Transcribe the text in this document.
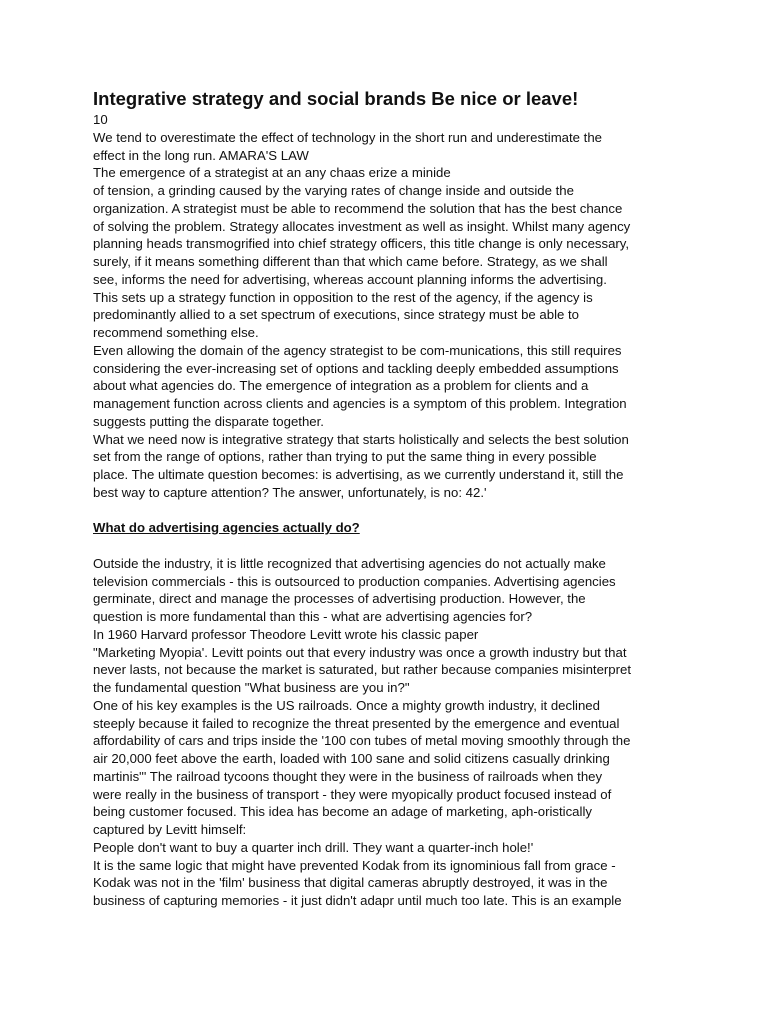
Integrative strategy and social brands Be nice or leave!

10

We tend to overestimate the effect of technology in the short run and underestimate the

effect in the long run. AMARA'S LAW

The emergence of a strategist at an any chaas erize a minide

of tension, a grinding caused by the varying rates of change inside and outside the

organization. A strategist must be able to recommend the solution that has the best chance

of solving the problem. Strategy allocates investment as well as insight. Whilst many agency

planning heads transmogrified into chief strategy officers, this title change is only necessary,

surely, if it means something different than that which came before. Strategy, as we shall

see, informs the need for advertising, whereas account planning informs the advertising.

This sets up a strategy function in opposition to the rest of the agency, if the agency is

predominantly allied to a set spectrum of executions, since strategy must be able to

recommend something else.

Even allowing the domain of the agency strategist to be com-munications, this still requires

considering the ever-increasing set of options and tackling deeply embedded assumptions

about what agencies do. The emergence of integration as a problem for clients and a

management function across clients and agencies is a symptom of this problem. Integration

suggests putting the disparate together.

What we need now is integrative strategy that starts holistically and selects the best solution

set from the range of options, rather than trying to put the same thing in every possible

place. The ultimate question becomes: is advertising, as we currently understand it, still the

best way to capture attention? The answer, unfortunately, is no: 42.'

What do advertising agencies actually do?

Outside the industry, it is little recognized that advertising agencies do not actually make

television commercials - this is outsourced to production companies. Advertising agencies

germinate, direct and manage the processes of advertising production. However, the

question is more fundamental than this - what are advertising agencies for?

In 1960 Harvard professor Theodore Levitt wrote his classic paper

"Marketing Myopia'. Levitt points out that every industry was once a growth industry but that

never lasts, not because the market is saturated, but rather because companies misinterpret

the fundamental question "What business are you in?"

One of his key examples is the US railroads. Once a mighty growth industry, it declined

steeply because it failed to recognize the threat presented by the emergence and eventual

affordability of cars and trips inside the '100 con tubes of metal moving smoothly through the

air 20,000 feet above the earth, loaded with 100 sane and solid citizens casually drinking

martinis"' The railroad tycoons thought they were in the business of railroads when they

were really in the business of transport - they were myopically product focused instead of

being customer focused. This idea has become an adage of marketing, aph-oristically

captured by Levitt himself:

People don't want to buy a quarter inch drill. They want a quarter-inch hole!'

It is the same logic that might have prevented Kodak from its ignominious fall from grace -

Kodak was not in the 'film' business that digital cameras abruptly destroyed, it was in the

business of capturing memories - it just didn't adapr until much too late. This is an example
